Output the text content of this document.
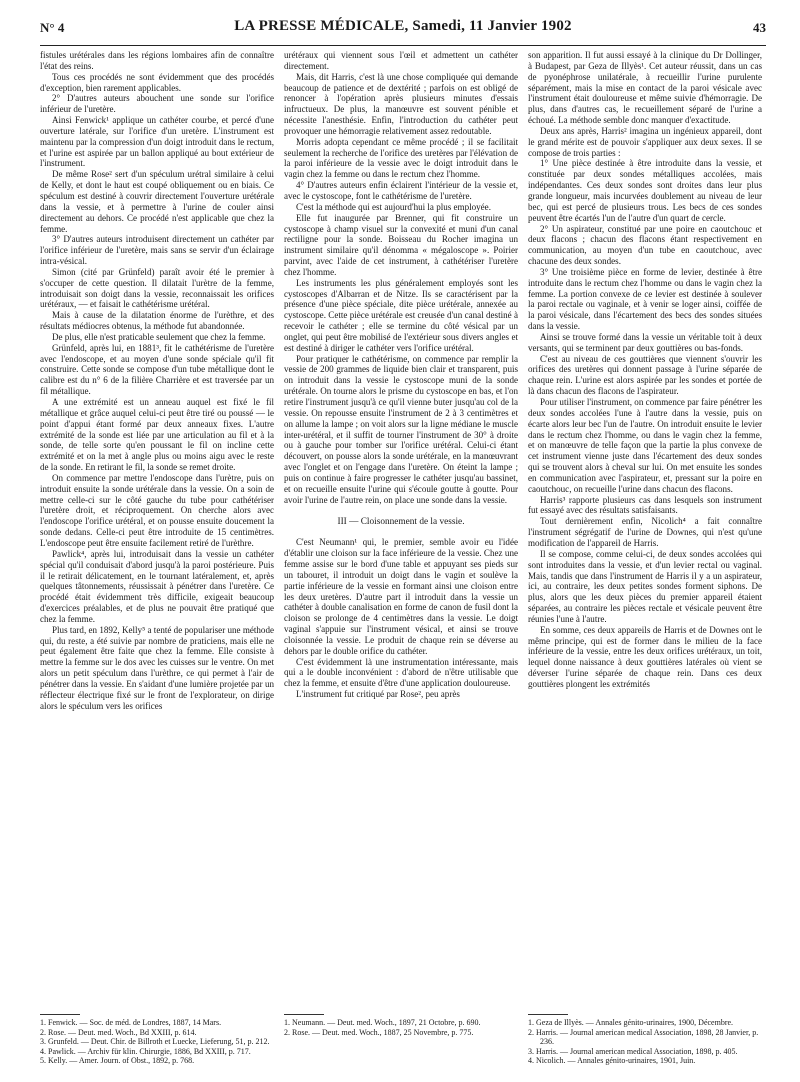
N° 4	LA PRESSE MÉDICALE, Samedi, 11 Janvier 1902	43

fistules urétérales dans les régions lombaires afin de connaître l'état des reins.

Tous ces procédés ne sont évidemment que des procédés d'exception, bien rarement applicables.

2° D'autres auteurs abouchent une sonde sur l'orifice inférieur de l'uretère.

Ainsi Fenwick¹ applique un cathéter courbe, et percé d'une ouverture latérale, sur l'orifice d'un uretère. L'instrument est maintenu par la compression d'un doigt introduit dans le rectum, et l'urine est aspirée par un ballon appliqué au bout extérieur de l'instrument.

De même Rose² sert d'un spéculum urétral similaire à celui de Kelly, et dont le haut est coupé obliquement ou en biais. Ce spéculum est destiné à couvrir directement l'ouverture urétérale dans la vessie, et à permettre à l'urine de couler ainsi directement au dehors. Ce procédé n'est applicable que chez la femme.

3° D'autres auteurs introduisent directement un cathéter par l'orifice inférieur de l'uretère, mais sans se servir d'un éclairage intra-vésical.

Simon (cité par Grünfeld) paraît avoir été le premier à s'occuper de cette question. Il dilatait l'urètre de la femme, introduisait son doigt dans la vessie, reconnaissait les orifices urétéraux, — et faisait le cathétérisme urétéral.

Mais à cause de la dilatation énorme de l'urèthre, et des résultats médiocres obtenus, la méthode fut abandonnée.

De plus, elle n'est praticable seulement que chez la femme.

Grünfeld, après lui, en 1881³, fit le cathétérisme de l'uretère avec l'endoscope, et au moyen d'une sonde spéciale qu'il fit construire. Cette sonde se compose d'un tube métallique dont le calibre est du n° 6 de la filière Charrière et est traversée par un fil métallique.

A une extrémité est un anneau auquel est fixé le fil métallique et grâce auquel celui-ci peut être tiré ou poussé — le point d'appui étant formé par deux anneaux fixes. L'autre extrémité de la sonde est liée par une articulation au fil et à la sonde, de telle sorte qu'en poussant le fil on incline cette extrémité et on la met à angle plus ou moins aigu avec le reste de la sonde. En retirant le fil, la sonde se remet droite.

On commence par mettre l'endoscope dans l'urètre, puis on introduit ensuite la sonde urétérale dans la vessie. On a soin de mettre celle-ci sur le côté gauche du tube pour cathétériser l'uretère droit, et réciproquement. On cherche alors avec l'endoscope l'orifice urétéral, et on pousse ensuite doucement la sonde dedans. Celle-ci peut être introduite de 15 centimètres. L'endoscope peut être ensuite facilement retiré de l'urèthre.

Pawlick⁴, après lui, introduisait dans la vessie un cathéter spécial qu'il conduisait d'abord jusqu'à la paroi postérieure. Puis il le retirait délicatement, en le tournant latéralement, et, après quelques tâtonnements, réussissait à pénétrer dans l'uretère. Ce procédé était évidemment très difficile, exigeait beaucoup d'exercices préalables, et de plus ne pouvait être pratiqué que chez la femme.

Plus tard, en 1892, Kelly⁵ a tenté de populariser une méthode qui, du reste, a été suivie par nombre de praticiens, mais elle ne peut également être faite que chez la femme. Elle consiste à mettre la femme sur le dos avec les cuisses sur le ventre. On met alors un petit spéculum dans l'urèthre, ce qui permet à l'air de pénétrer dans la vessie. En s'aidant d'une lumière projetée par un réflecteur électrique fixé sur le front de l'explorateur, on dirige alors le spéculum vers les orifices

urétéraux qui viennent sous l'œil et admettent un cathéter directement.

Mais, dit Harris, c'est là une chose compliquée qui demande beaucoup de patience et de dextérité ; parfois on est obligé de renoncer à l'opération après plusieurs minutes d'essais infructueux. De plus, la manœuvre est souvent pénible et nécessite l'anesthésie. Enfin, l'introduction du cathéter peut provoquer une hémorragie relativement assez redoutable.

Morris adopta cependant ce même procédé ; il se facilitait seulement la recherche de l'orifice des uretères par l'élévation de la paroi inférieure de la vessie avec le doigt introduit dans le vagin chez la femme ou dans le rectum chez l'homme.

4° D'autres auteurs enfin éclairent l'intérieur de la vessie et, avec le cystoscope, font le cathétérisme de l'uretère.

C'est la méthode qui est aujourd'hui la plus employée.

Elle fut inaugurée par Brenner, qui fit construire un cystoscope à champ visuel sur la convexité et muni d'un canal rectiligne pour la sonde. Boisseau du Rocher imagina un instrument similaire qu'il dénomma « mégaloscope ». Poirier parvint, avec l'aide de cet instrument, à cathétériser l'uretère chez l'homme.

Les instruments les plus généralement employés sont les cystoscopes d'Albarran et de Nitze. Ils se caractérisent par la présence d'une pièce spéciale, dite pièce urétérale, annexée au cystoscope. Cette pièce urétérale est creusée d'un canal destiné à recevoir le cathéter ; elle se termine du côté vésical par un onglet, qui peut être mobilisé de l'extérieur sous divers angles et est destiné à diriger le cathéter vers l'orifice urétéral.

Pour pratiquer le cathétérisme, on commence par remplir la vessie de 200 grammes de liquide bien clair et transparent, puis on introduit dans la vessie le cystoscope muni de la sonde urétérale. On tourne alors le prisme du cystoscope en bas, et l'on retire l'instrument jusqu'à ce qu'il vienne buter jusqu'au col de la vessie. On repousse ensuite l'instrument de 2 à 3 centimètres et on allume la lampe ; on voit alors sur la ligne médiane le muscle inter-urétéral, et il suffit de tourner l'instrument de 30° à droite ou à gauche pour tomber sur l'orifice urétéral. Celui-ci étant découvert, on pousse alors la sonde urétérale, en la manœuvrant avec l'onglet et on l'engage dans l'uretère. On éteint la lampe ; puis on continue à faire progresser le cathéter jusqu'au bassinet, et on recueille ensuite l'urine qui s'écoule goutte à goutte. Pour avoir l'urine de l'autre rein, on place une sonde dans la vessie.

III — Cloisonnement de la vessie.

C'est Neumann¹ qui, le premier, semble avoir eu l'idée d'établir une cloison sur la face inférieure de la vessie. Chez une femme assise sur le bord d'une table et appuyant ses pieds sur un tabouret, il introduit un doigt dans le vagin et soulève la partie inférieure de la vessie en formant ainsi une cloison entre les deux uretères. D'autre part il introduit dans la vessie un cathéter à double canalisation en forme de canon de fusil dont la cloison se prolonge de 4 centimètres dans la vessie. Le doigt vaginal s'appuie sur l'instrument vésical, et ainsi se trouve cloisonnée la vessie. Le produit de chaque rein se déverse au dehors par le double orifice du cathéter.

C'est évidemment là une instrumentation intéressante, mais qui a le double inconvénient : d'abord de n'être utilisable que chez la femme, et ensuite d'être d'une application douloureuse.

L'instrument fut critiqué par Rose², peu après

son apparition. Il fut aussi essayé à la clinique du Dr Dollinger, à Budapest, par Geza de Illyès¹. Cet auteur réussit, dans un cas de pyonéphrose unilatérale, à recueillir l'urine purulente séparément, mais la mise en contact de la paroi vésicale avec l'instrument était douloureuse et même suivie d'hémorragie. De plus, dans d'autres cas, le recueillement séparé de l'urine a échoué. La méthode semble donc manquer d'exactitude.

Deux ans après, Harris² imagina un ingénieux appareil, dont le grand mérite est de pouvoir s'appliquer aux deux sexes. Il se compose de trois parties :

1° Une pièce destinée à être introduite dans la vessie, et constituée par deux sondes métalliques accolées, mais indépendantes. Ces deux sondes sont droites dans leur plus grande longueur, mais incurvées doublement au niveau de leur bec, qui est percé de plusieurs trous. Les becs de ces sondes peuvent être écartés l'un de l'autre d'un quart de cercle.

2° Un aspirateur, constitué par une poire en caoutchouc et deux flacons ; chacun des flacons étant respectivement en communication, au moyen d'un tube en caoutchouc, avec chacune des deux sondes.

3° Une troisième pièce en forme de levier, destinée à être introduite dans le rectum chez l'homme ou dans le vagin chez la femme. La portion convexe de ce levier est destinée à soulever la paroi rectale ou vaginale, et à venir se loger ainsi, coiffée de la paroi vésicale, dans l'écartement des becs des sondes situées dans la vessie.

Ainsi se trouve formé dans la vessie un véritable toit à deux versants, qui se terminent par deux gouttières ou bas-fonds.

C'est au niveau de ces gouttières que viennent s'ouvrir les orifices des uretères qui donnent passage à l'urine séparée de chaque rein. L'urine est alors aspirée par les sondes et portée de là dans chacun des flacons de l'aspirateur.

Pour utiliser l'instrument, on commence par faire pénétrer les deux sondes accolées l'une à l'autre dans la vessie, puis on écarte alors leur bec l'un de l'autre. On introduit ensuite le levier dans le rectum chez l'homme, ou dans le vagin chez la femme, et on manœuvre de telle façon que la partie la plus convexe de cet instrument vienne juste dans l'écartement des deux sondes qui se trouvent alors à cheval sur lui. On met ensuite les sondes en communication avec l'aspirateur, et, pressant sur la poire en caoutchouc, on recueille l'urine dans chacun des flacons.

Harris³ rapporte plusieurs cas dans lesquels son instrument fut essayé avec des résultats satisfaisants.

Tout dernièrement enfin, Nicolich⁴ a fait connaître l'instrument ségrégatif de l'urine de Downes, qui n'est qu'une modification de l'appareil de Harris.

Il se compose, comme celui-ci, de deux sondes accolées qui sont introduites dans la vessie, et d'un levier rectal ou vaginal. Mais, tandis que dans l'instrument de Harris il y a un aspirateur, ici, au contraire, les deux petites sondes forment siphons. De plus, alors que les deux pièces du premier appareil étaient séparées, au contraire les pièces rectale et vésicale peuvent être réunies l'une à l'autre.

En somme, ces deux appareils de Harris et de Downes ont le même principe, qui est de former dans le milieu de la face inférieure de la vessie, entre les deux orifices urétéraux, un toit, lequel donne naissance à deux gouttières latérales où vient se déverser l'urine séparée de chaque rein. Dans ces deux gouttières plongent les extrémités

1. Fenwick. — Soc. de méd. de Londres, 1887, 14 Mars.
2. Rose. — Deut. med. Woch., Bd XXIII, p. 614.
3. Grunfeld. — Deut. Chir. de Billroth et Luecke, Lieferung, 51, p. 212.
4. Pawlick. — Archiv für klin. Chirurgie, 1886, Bd XXIII, p. 717.
5. Kelly. — Amer. Journ. of Obst., 1892, p. 768.
1. Neumann. — Deut. med. Woch., 1897, 21 Octobre, p. 690.
2. Rose. — Deut. med. Woch., 1887, 25 Novembre, p. 775.
1. Geza de Illyès. — Annales génito-urinaires, 1900, Décembre.
2. Harris. — Journal american medical Association, 1898, 28 Janvier, p. 236.
3. Harris. — Journal american medical Association, 1898, p. 405.
4. Nicolich. — Annales génito-urinaires, 1901, Juin.
